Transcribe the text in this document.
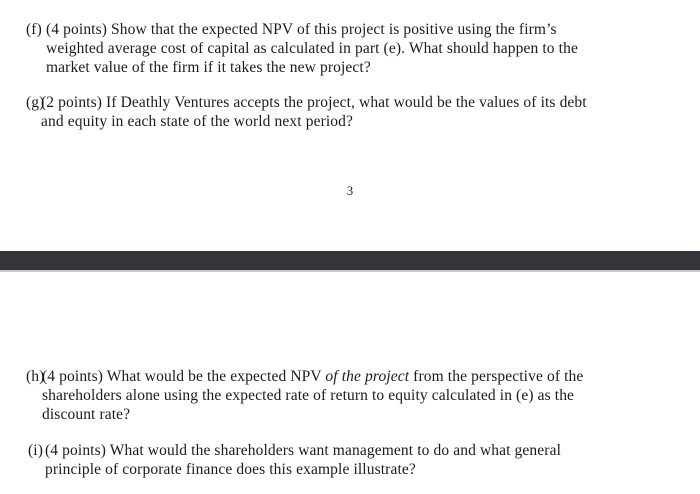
(f) (4 points) Show that the expected NPV of this project is positive using the firm’s
weighted average cost of capital as calculated in part (e). What should happen to the
market value of the firm if it takes the new project?
(g)
(2 points) If Deathly Ventures accepts the project, what would be the values of its debt
and equity in each state of the world next period?
3
(h)
(4 points) What would be the expected NPV of the project from the perspective of the
shareholders alone using the expected rate of return to equity calculated in (e) as the
discount rate?
(i) (4 points) What would the shareholders want management to do and what general
principle of corporate finance does this example illustrate?
